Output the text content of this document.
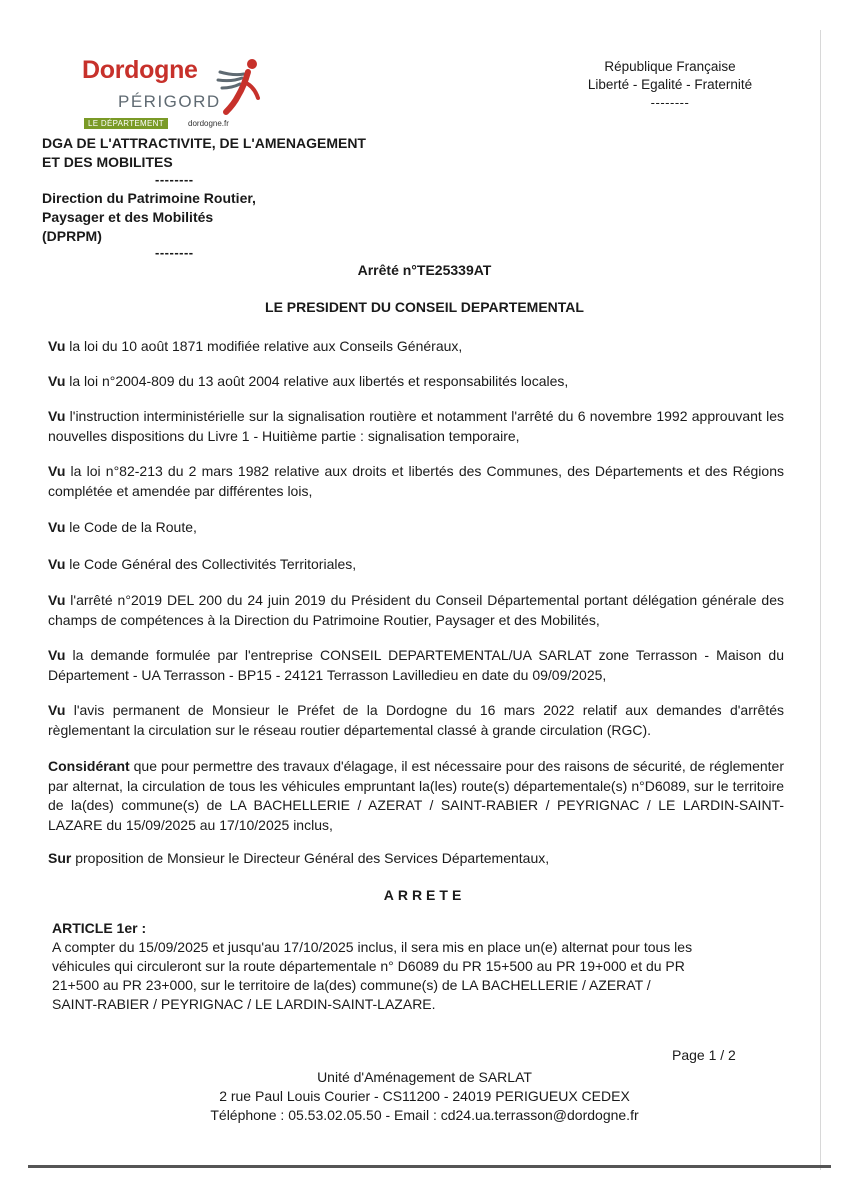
Dordogne
PÉRIGORD
LE DÉPARTEMENT	dordogne.fr
République Française
Liberté - Egalité - Fraternité
--------
DGA DE L'ATTRACTIVITE, DE L'AMENAGEMENT
ET DES MOBILITES
--------
Direction du Patrimoine Routier,
Paysager et des Mobilités
(DPRPM)
--------
Arrêté n°TE25339AT
LE PRESIDENT DU CONSEIL DEPARTEMENTAL
Vu la loi du 10 août 1871 modifiée relative aux Conseils Généraux,
Vu la loi n°2004-809 du 13 août 2004 relative aux libertés et responsabilités locales,
Vu l'instruction interministérielle sur la signalisation routière et notamment l'arrêté du 6 novembre 1992 approuvant les nouvelles dispositions du Livre 1 - Huitième partie : signalisation temporaire,
Vu la loi n°82-213 du 2 mars 1982 relative aux droits et libertés des Communes, des Départements et des Régions complétée et amendée par différentes lois,
Vu le Code de la Route,
Vu le Code Général des Collectivités Territoriales,
Vu l'arrêté n°2019 DEL 200 du 24 juin 2019 du Président du Conseil Départemental portant délégation générale des champs de compétences à la Direction du Patrimoine Routier, Paysager et des Mobilités,
Vu la demande formulée par l'entreprise CONSEIL DEPARTEMENTAL/UA SARLAT zone Terrasson - Maison du Département - UA Terrasson - BP15 - 24121 Terrasson Lavilledieu en date du 09/09/2025,
Vu l'avis permanent de Monsieur le Préfet de la Dordogne du 16 mars 2022 relatif aux demandes d'arrêtés règlementant la circulation sur le réseau routier départemental classé à grande circulation (RGC).
Considérant que pour permettre des travaux d'élagage, il est nécessaire pour des raisons de sécurité, de réglementer par alternat, la circulation de tous les véhicules empruntant la(les) route(s) départementale(s) n°D6089, sur le territoire de la(des) commune(s) de LA BACHELLERIE / AZERAT / SAINT-RABIER / PEYRIGNAC / LE LARDIN-SAINT-LAZARE du 15/09/2025 au 17/10/2025 inclus,
Sur proposition de Monsieur le Directeur Général des Services Départementaux,
ARRETE
ARTICLE 1er :
A compter du 15/09/2025 et jusqu'au 17/10/2025 inclus, il sera mis en place un(e) alternat pour tous les
véhicules qui circuleront sur la route départementale n° D6089 du PR 15+500 au PR 19+000 et du PR
21+500 au PR 23+000, sur le territoire de la(des) commune(s) de LA BACHELLERIE / AZERAT /
SAINT-RABIER / PEYRIGNAC / LE LARDIN-SAINT-LAZARE.
Page 1 / 2
Unité d'Aménagement de SARLAT
2 rue Paul Louis Courier - CS11200 - 24019 PERIGUEUX CEDEX
Téléphone : 05.53.02.05.50 - Email : cd24.ua.terrasson@dordogne.fr
